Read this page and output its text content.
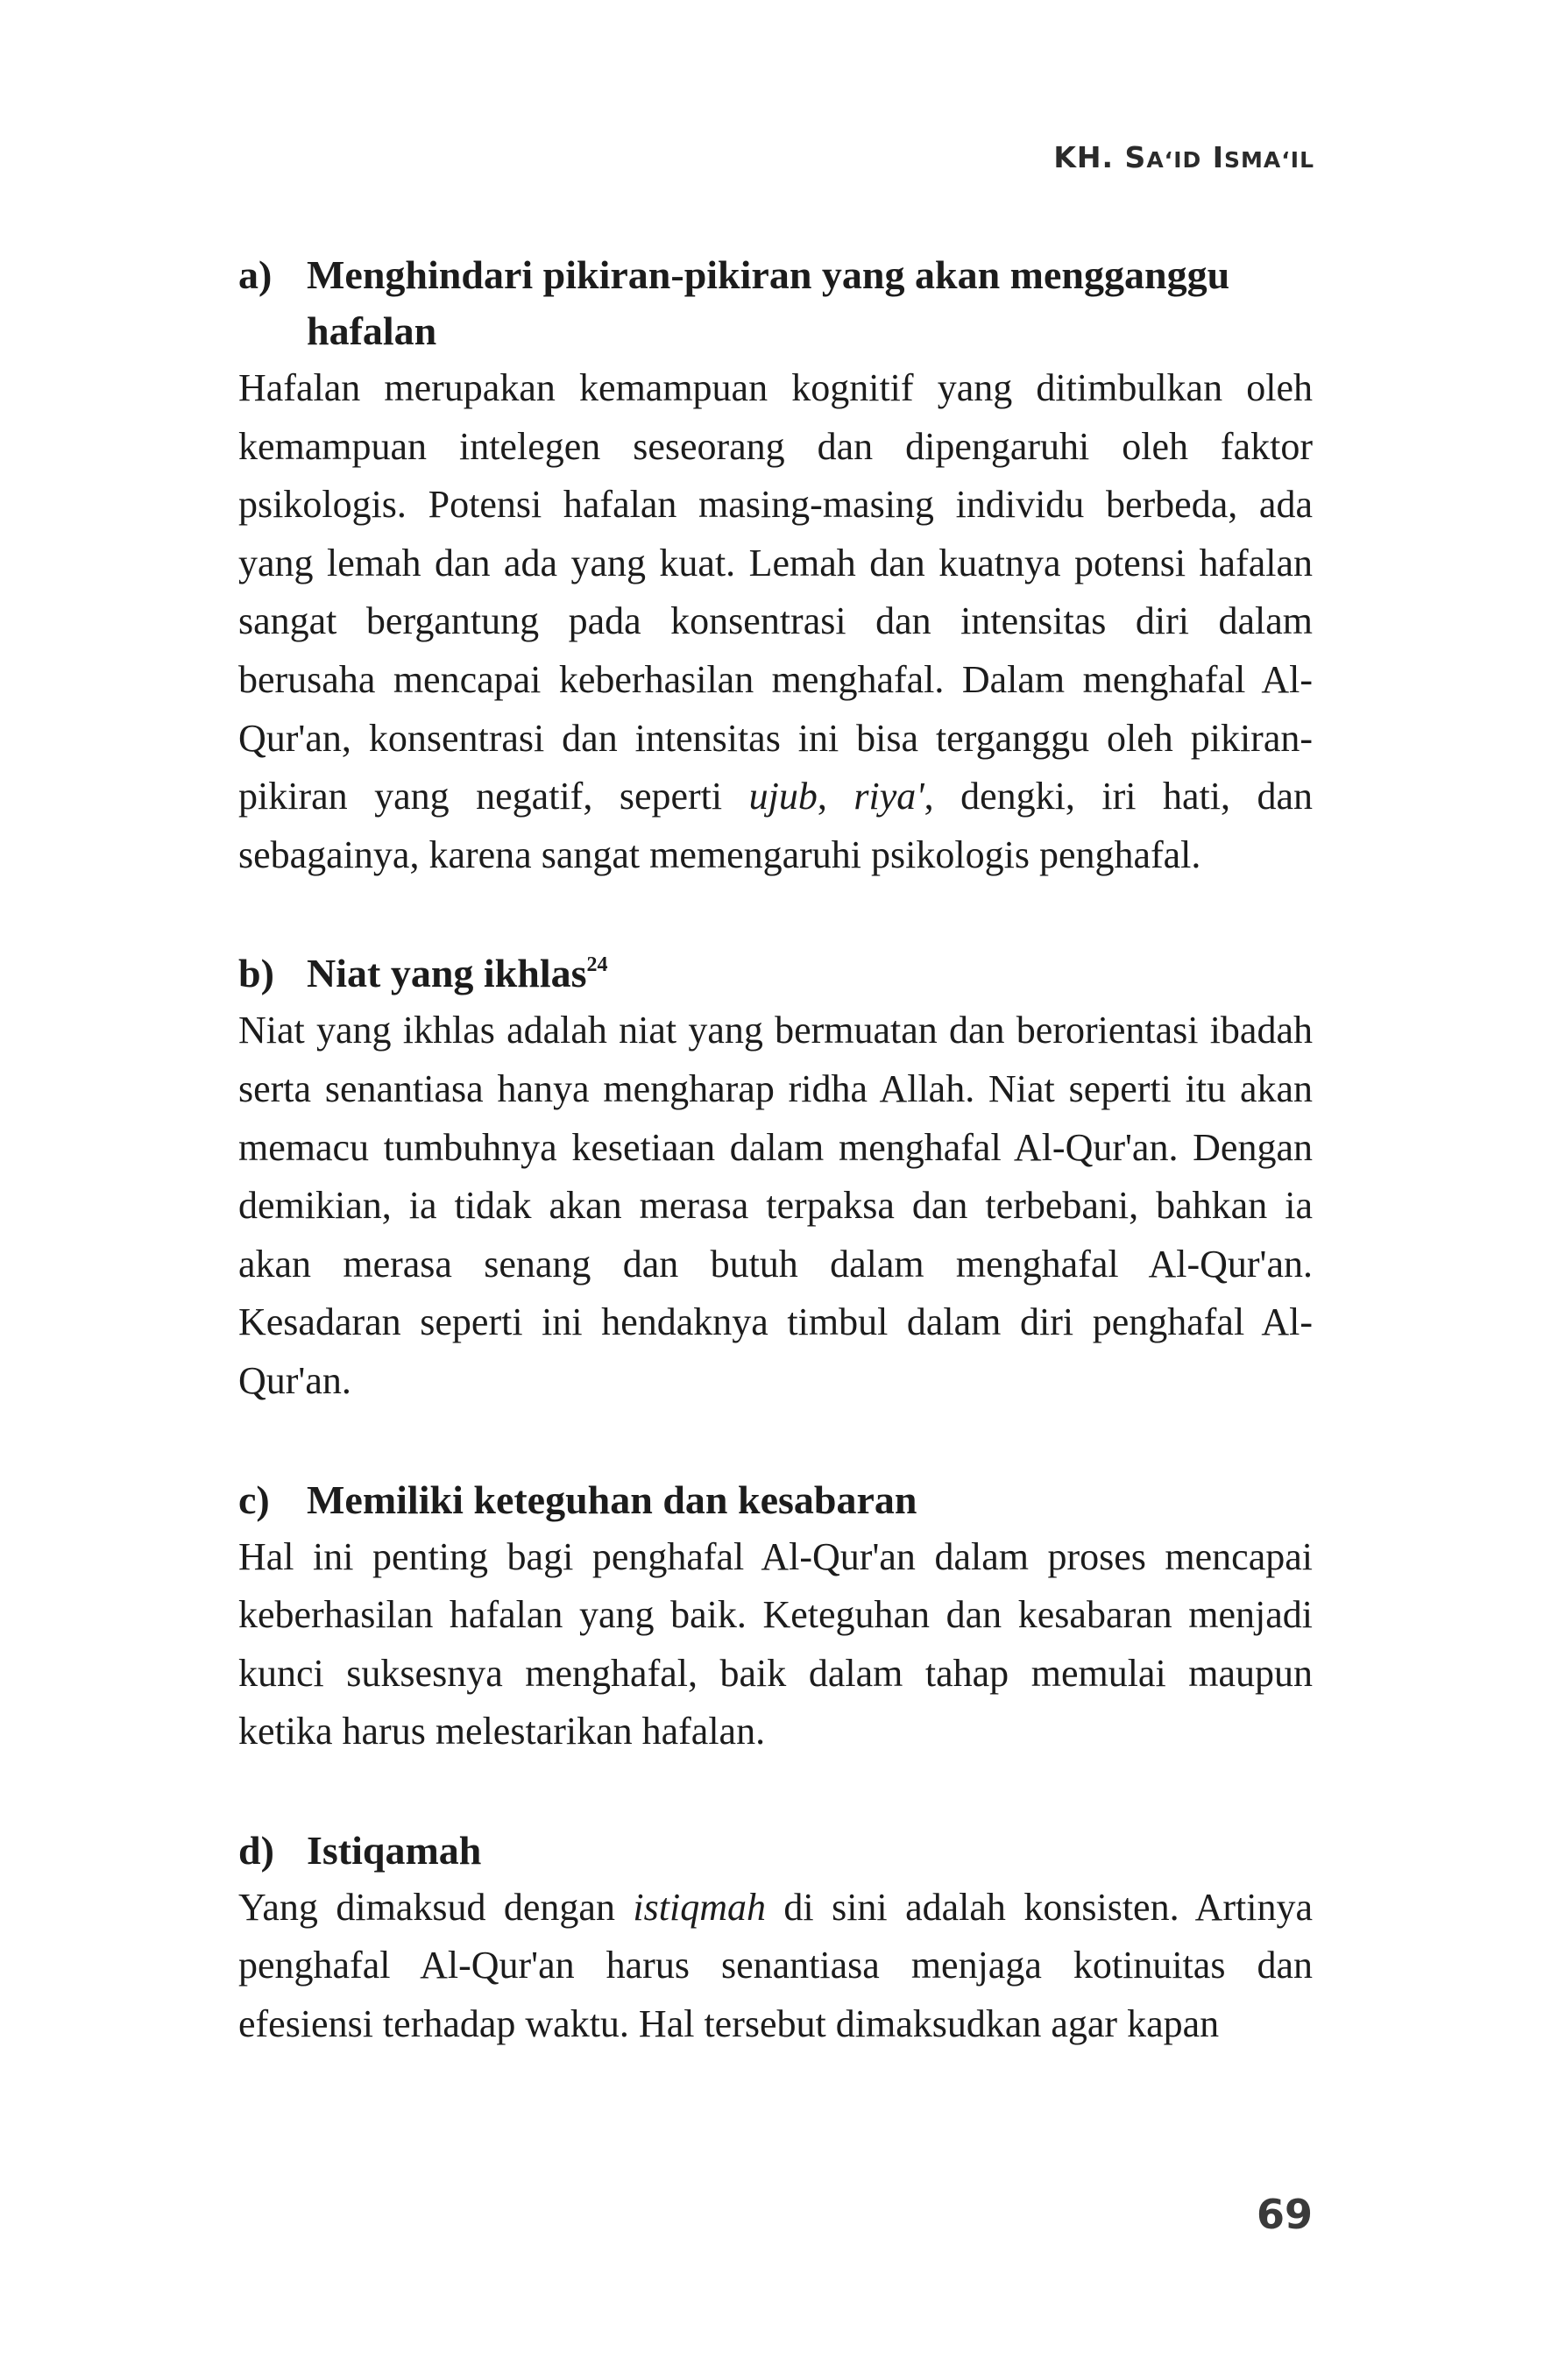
KH. SA‘ID ISMA‘IL
a) Menghindari pikiran-pikiran yang akan mengganggu hafalan

Hafalan merupakan kemampuan kognitif yang ditimbulkan oleh kemampuan intelegen seseorang dan dipengaruhi oleh faktor psikologis. Potensi hafalan masing-masing individu berbeda, ada yang lemah dan ada yang kuat. Lemah dan kuatnya potensi hafalan sangat bergantung pada konsentrasi dan intensitas diri dalam berusaha mencapai keberhasilan menghafal. Dalam menghafal Al-Qur'an, konsentrasi dan intensitas ini bisa terganggu oleh pikiran-pikiran yang negatif, seperti ujub, riya', dengki, iri hati, dan sebagainya, karena sangat memengaruhi psikologis penghafal.

b) Niat yang ikhlas$^{24}$

Niat yang ikhlas adalah niat yang bermuatan dan berorientasi ibadah serta senantiasa hanya mengharap ridha Allah. Niat seperti itu akan memacu tumbuhnya kesetiaan dalam menghafal Al-Qur'an. Dengan demikian, ia tidak akan merasa terpaksa dan terbebani, bahkan ia akan merasa senang dan butuh dalam menghafal Al-Qur'an. Kesadaran seperti ini hendaknya timbul dalam diri penghafal Al-Qur'an.

c) Memiliki keteguhan dan kesabaran

Hal ini penting bagi penghafal Al-Qur'an dalam proses mencapai keberhasilan hafalan yang baik. Keteguhan dan kesabaran menjadi kunci suksesnya menghafal, baik dalam tahap memulai maupun ketika harus melestarikan hafalan.

d) Istiqamah

Yang dimaksud dengan istiqmah di sini adalah konsisten. Artinya penghafal Al-Qur'an harus senantiasa menjaga kotinuitas dan efesiensi terhadap waktu. Hal tersebut dimaksudkan agar kapan

69
